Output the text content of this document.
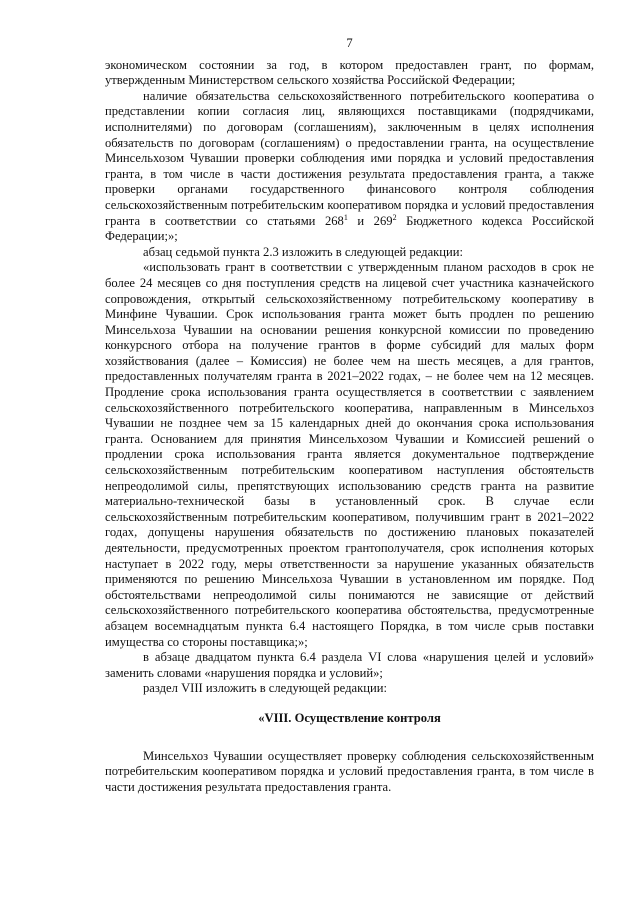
7

экономическом состоянии за год, в котором предоставлен грант, по формам, утвержденным Министерством сельского хозяйства Российской Федерации;

наличие обязательства сельскохозяйственного потребительского кооператива о представлении копии согласия лиц, являющихся поставщиками (подрядчиками, исполнителями) по договорам (соглашениям), заключенным в целях исполнения обязательств по договорам (соглашениям) о предоставлении гранта, на осуществление Минсельхозом Чувашии проверки соблюдения ими порядка и условий предоставления гранта, в том числе в части достижения результата предоставления гранта, а также проверки органами государственного финансового контроля соблюдения сельскохозяйственным потребительским кооперативом порядка и условий предоставления гранта в соответствии со статьями $268^1$ и $269^2$ Бюджетного кодекса Российской Федерации;»;

абзац седьмой пункта 2.3 изложить в следующей редакции:

«использовать грант в соответствии с утвержденным планом расходов в срок не более 24 месяцев со дня поступления средств на лицевой счет участника казначейского сопровождения, открытый сельскохозяйственному потребительскому кооперативу в Минфине Чувашии. Срок использования гранта может быть продлен по решению Минсельхоза Чувашии на основании решения конкурсной комиссии по проведению конкурсного отбора на получение грантов в форме субсидий для малых форм хозяйствования (далее – Комиссия) не более чем на шесть месяцев, а для грантов, предоставленных получателям гранта в 2021–2022 годах, – не более чем на 12 месяцев. Продление срока использования гранта осуществляется в соответствии с заявлением сельскохозяйственного потребительского кооператива, направленным в Минсельхоз Чувашии не позднее чем за 15 календарных дней до окончания срока использования гранта. Основанием для принятия Минсельхозом Чувашии и Комиссией решений о продлении срока использования гранта является документальное подтверждение сельскохозяйственным потребительским кооперативом наступления обстоятельств непреодолимой силы, препятствующих использованию средств гранта на развитие материально-технической базы в установленный срок. В случае если сельскохозяйственным потребительским кооперативом, получившим грант в 2021–2022 годах, допущены нарушения обязательств по достижению плановых показателей деятельности, предусмотренных проектом грантополучателя, срок исполнения которых наступает в 2022 году, меры ответственности за нарушение указанных обязательств применяются по решению Минсельхоза Чувашии в установленном им порядке. Под обстоятельствами непреодолимой силы понимаются не зависящие от действий сельскохозяйственного потребительского кооператива обстоятельства, предусмотренные абзацем восемнадцатым пункта 6.4 настоящего Порядка, в том числе срыв поставки имущества со стороны поставщика;»;

в абзаце двадцатом пункта 6.4 раздела VI слова «нарушения целей и условий» заменить словами «нарушения порядка и условий»;

раздел VIII изложить в следующей редакции:

«VIII. Осуществление контроля

Минсельхоз Чувашии осуществляет проверку соблюдения сельскохозяйственным потребительским кооперативом порядка и условий предоставления гранта, в том числе в части достижения результата предоставления гранта.
